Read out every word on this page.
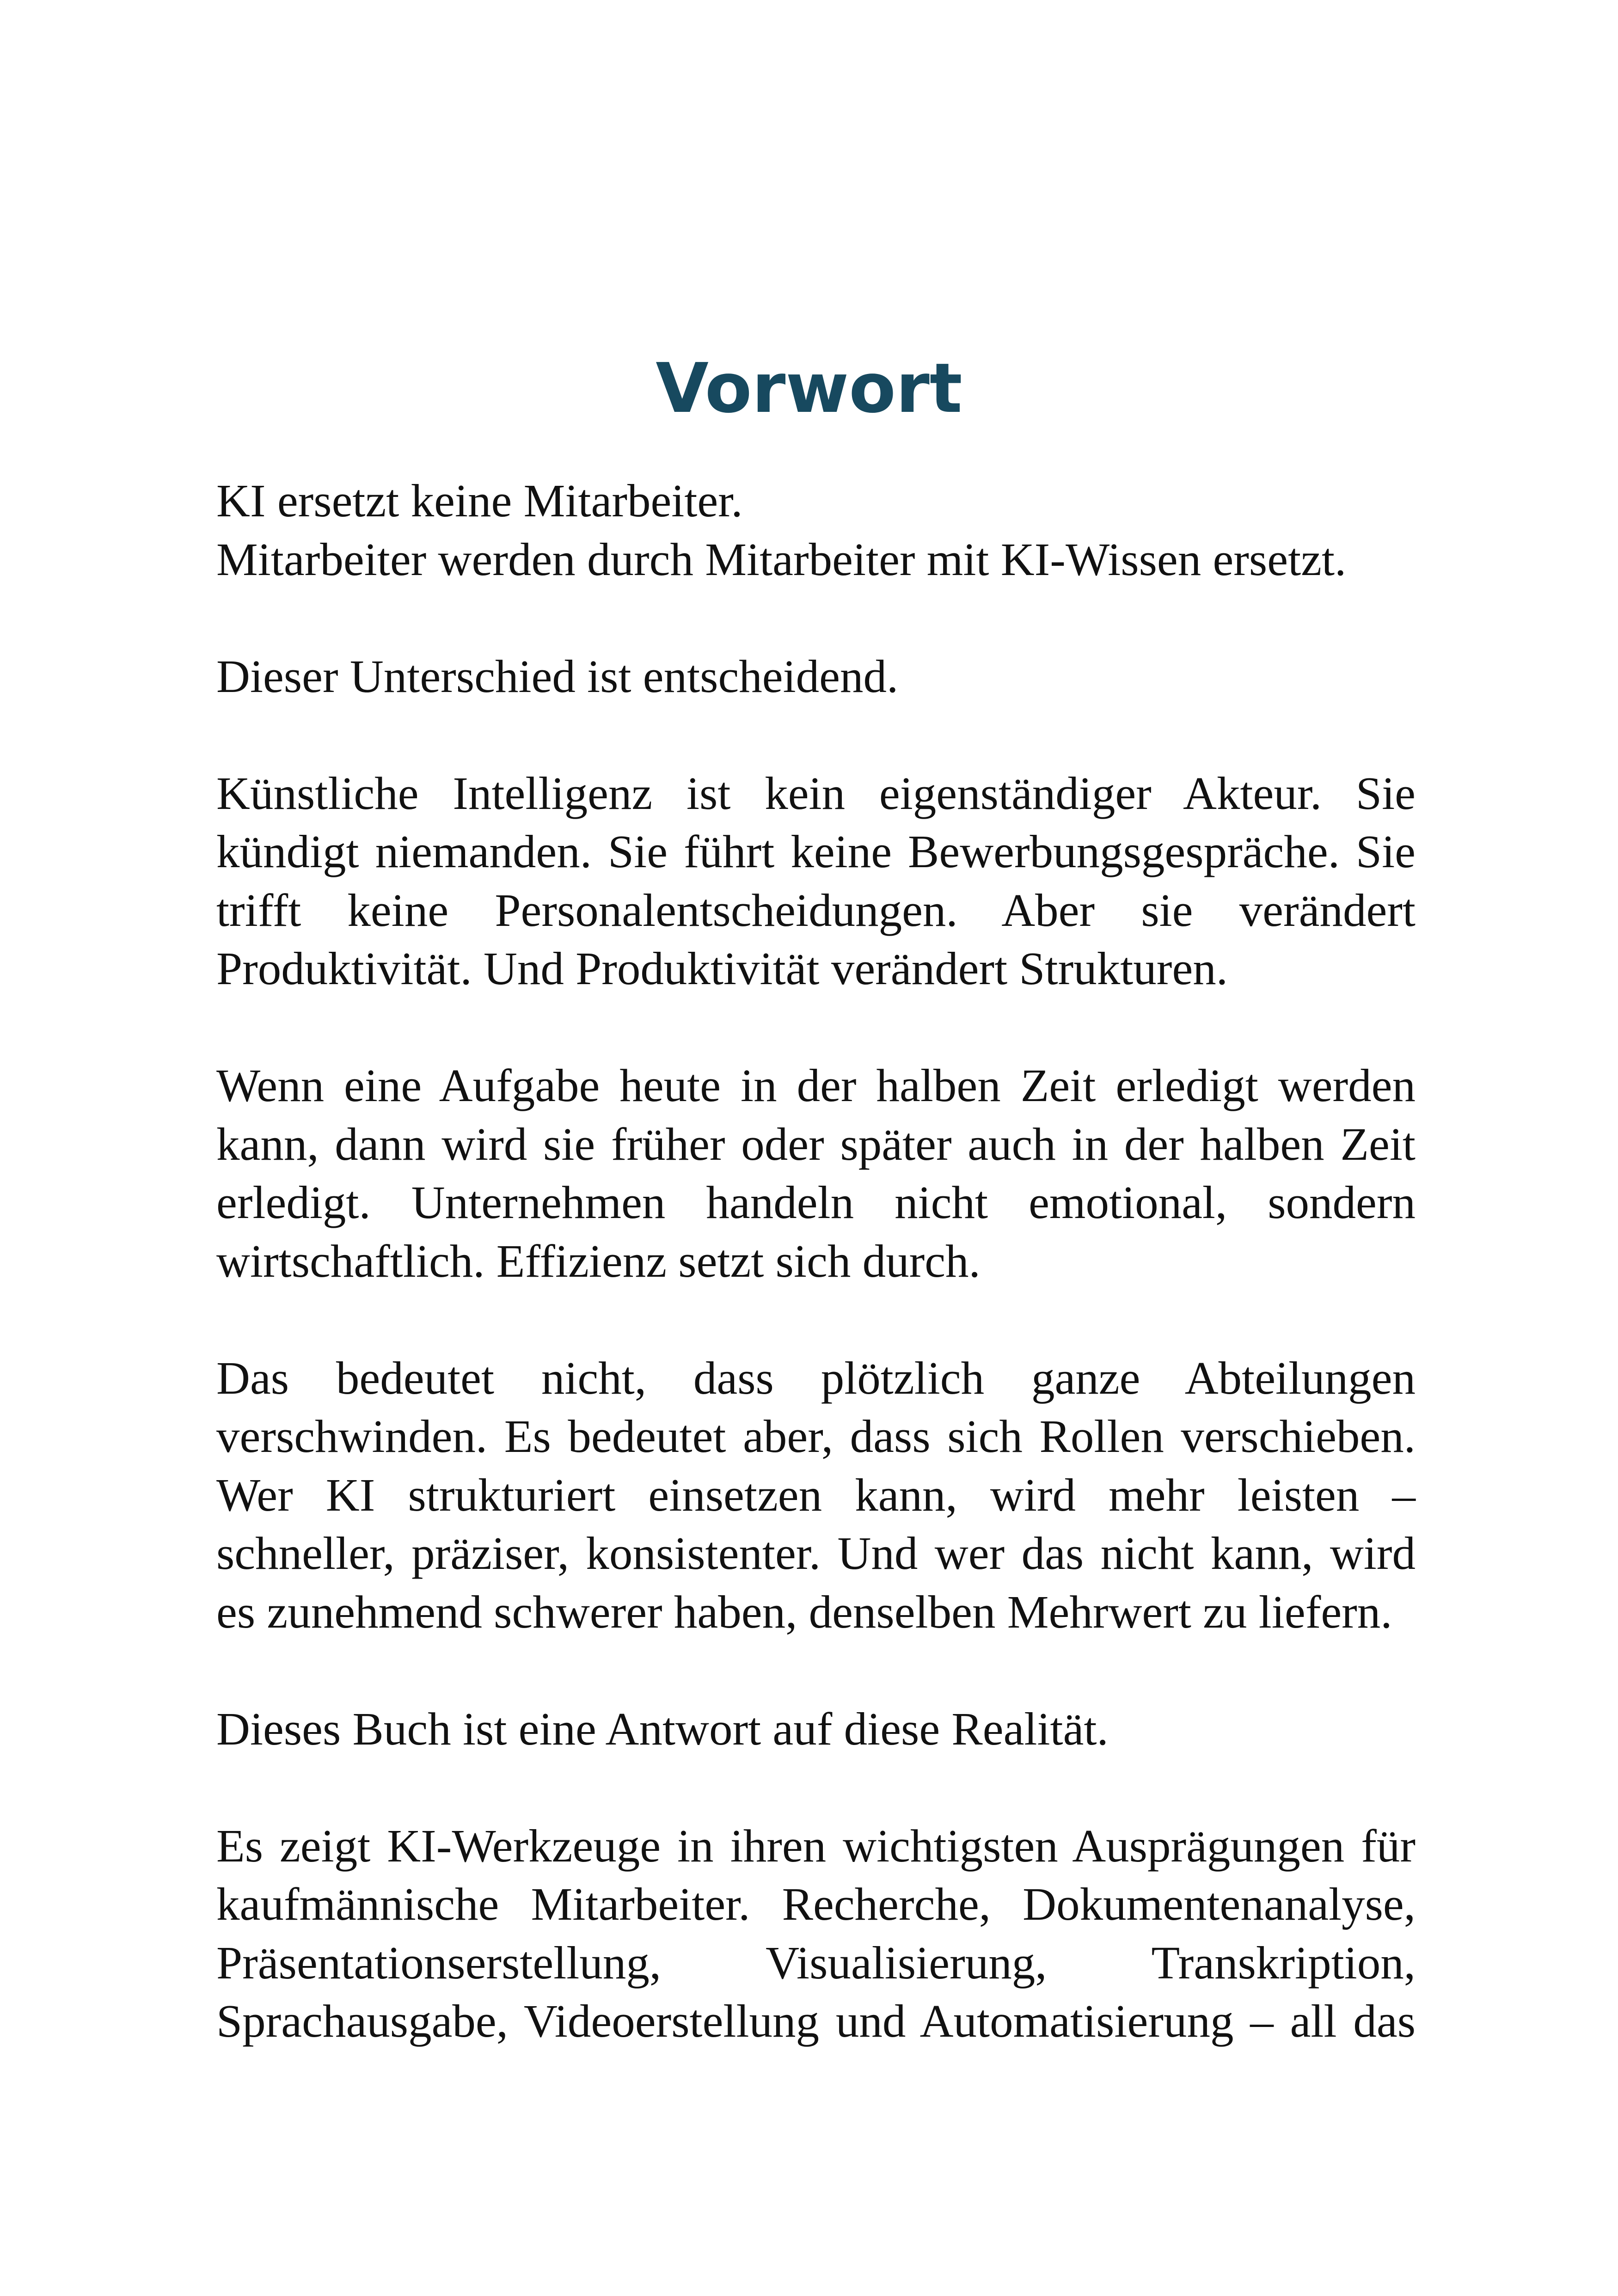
Vorwort

KI ersetzt keine Mitarbeiter.
Mitarbeiter werden durch Mitarbeiter mit KI-Wissen ersetzt.

Dieser Unterschied ist entscheidend.

Künstliche Intelligenz ist kein eigenständiger Akteur. Sie kündigt niemanden. Sie führt keine Bewerbungsgespräche. Sie trifft keine Personalentscheidungen. Aber sie verändert Produktivität. Und Produktivität verändert Strukturen.

Wenn eine Aufgabe heute in der halben Zeit erledigt werden kann, dann wird sie früher oder später auch in der halben Zeit erledigt. Unternehmen handeln nicht emotional, sondern wirtschaftlich. Effizienz setzt sich durch.

Das bedeutet nicht, dass plötzlich ganze Abteilungen verschwinden. Es bedeutet aber, dass sich Rollen verschieben. Wer KI strukturiert einsetzen kann, wird mehr leisten – schneller, präziser, konsistenter. Und wer das nicht kann, wird es zunehmend schwerer haben, denselben Mehrwert zu liefern.

Dieses Buch ist eine Antwort auf diese Realität.

Es zeigt KI-Werkzeuge in ihren wichtigsten Ausprägungen für kaufmännische Mitarbeiter. Recherche, Dokumentenanalyse, Präsentationserstellung, Visualisierung, Transkription, Sprachausgabe, Videoerstellung und Automatisierung – all das
